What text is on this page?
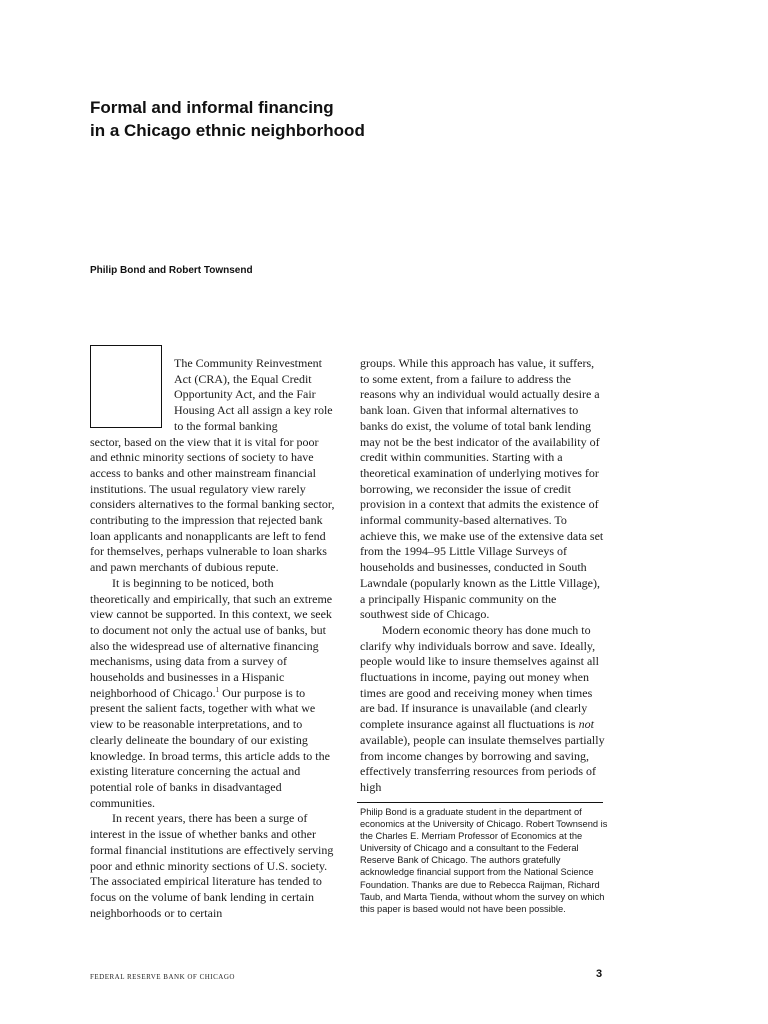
Formal and informal financing
in a Chicago ethnic neighborhood
Philip Bond and Robert Townsend

The Community Reinvestment Act (CRA), the Equal Credit Opportunity Act, and the Fair Housing Act all assign a key role to the formal banking

sector, based on the view that it is vital for poor and ethnic minority sections of society to have access to banks and other mainstream financial institutions. The usual regulatory view rarely considers alternatives to the formal banking sector, contributing to the impression that rejected bank loan applicants and nonapplicants are left to fend for themselves, perhaps vulnerable to loan sharks and pawn merchants of dubious repute.

It is beginning to be noticed, both theoretically and empirically, that such an extreme view cannot be supported. In this context, we seek to document not only the actual use of banks, but also the widespread use of alternative financing mechanisms, using data from a survey of households and businesses in a Hispanic neighborhood of Chicago.$^1$ Our purpose is to present the salient facts, together with what we view to be reasonable interpretations, and to clearly delineate the boundary of our existing knowledge. In broad terms, this article adds to the existing literature concerning the actual and potential role of banks in disadvantaged communities.

In recent years, there has been a surge of interest in the issue of whether banks and other formal financial institutions are effectively serving poor and ethnic minority sections of U.S. society. The associated empirical literature has tended to focus on the volume of bank lending in certain neighborhoods or to certain

groups. While this approach has value, it suffers, to some extent, from a failure to address the reasons why an individual would actually desire a bank loan. Given that informal alternatives to banks do exist, the volume of total bank lending may not be the best indicator of the availability of credit within communities. Starting with a theoretical examination of underlying motives for borrowing, we reconsider the issue of credit provision in a context that admits the existence of informal community-based alternatives. To achieve this, we make use of the extensive data set from the 1994–95 Little Village Surveys of households and businesses, conducted in South Lawndale (popularly known as the Little Village), a principally Hispanic community on the southwest side of Chicago.

Modern economic theory has done much to clarify why individuals borrow and save. Ideally, people would like to insure themselves against all fluctuations in income, paying out money when times are good and receiving money when times are bad. If insurance is unavailable (and clearly complete insurance against all fluctuations is not available), people can insulate themselves partially from income changes by borrowing and saving, effectively transferring resources from periods of high

Philip Bond is a graduate student in the department of economics at the University of Chicago. Robert Townsend is the Charles E. Merriam Professor of Economics at the University of Chicago and a consultant to the Federal Reserve Bank of Chicago. The authors gratefully acknowledge financial support from the National Science Foundation. Thanks are due to Rebecca Raijman, Richard Taub, and Marta Tienda, without whom the survey on which this paper is based would not have been possible.

FEDERAL RESERVE BANK OF CHICAGO	3
